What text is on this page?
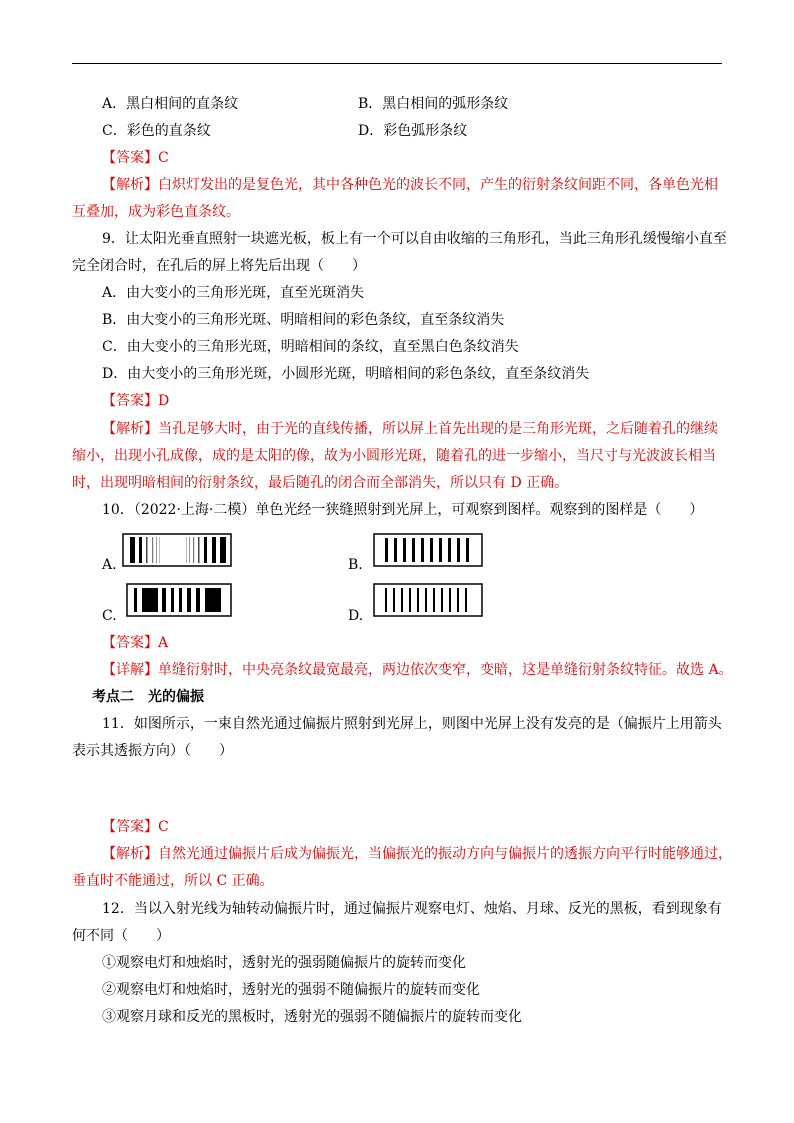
A．黑白相间的直条纹	B．黑白相间的弧形条纹
C．彩色的直条纹	D．彩色弧形条纹
【答案】C
【解析】白炽灯发出的是复色光，其中各种色光的波长不同，产生的衍射条纹间距不同，各单色光相
互叠加，成为彩色直条纹。
9．让太阳光垂直照射一块遮光板，板上有一个可以自由收缩的三角形孔，当此三角形孔缓慢缩小直至
完全闭合时，在孔后的屏上将先后出现（　　）
A．由大变小的三角形光斑，直至光斑消失
B．由大变小的三角形光斑、明暗相间的彩色条纹，直至条纹消失
C．由大变小的三角形光斑，明暗相间的条纹，直至黑白色条纹消失
D．由大变小的三角形光斑，小圆形光斑，明暗相间的彩色条纹，直至条纹消失
【答案】D
【解析】当孔足够大时，由于光的直线传播，所以屏上首先出现的是三角形光斑，之后随着孔的继续
缩小，出现小孔成像，成的是太阳的像，故为小圆形光斑，随着孔的进一步缩小，当尺寸与光波波长相当
时，出现明暗相间的衍射条纹，最后随孔的闭合而全部消失，所以只有 D 正确。
10．（2022·上海·二模）单色光经一狭缝照射到光屏上，可观察到图样。观察到的图样是（　　）
A.	B.
C.	D.
【答案】A
【详解】单缝衍射时，中央亮条纹最宽最亮，两边依次变窄，变暗，这是单缝衍射条纹特征。故选 A。
考点二　光的偏振
11．如图所示，一束自然光通过偏振片照射到光屏上，则图中光屏上没有发亮的是（偏振片上用箭头
表示其透振方向）（　　）
【答案】C
【解析】自然光通过偏振片后成为偏振光，当偏振光的振动方向与偏振片的透振方向平行时能够通过，
垂直时不能通过，所以 C 正确。
12．当以入射光线为轴转动偏振片时，通过偏振片观察电灯、烛焰、月球、反光的黑板，看到现象有
何不同（　　）
①观察电灯和烛焰时，透射光的强弱随偏振片的旋转而变化
②观察电灯和烛焰时，透射光的强弱不随偏振片的旋转而变化
③观察月球和反光的黑板时，透射光的强弱不随偏振片的旋转而变化
